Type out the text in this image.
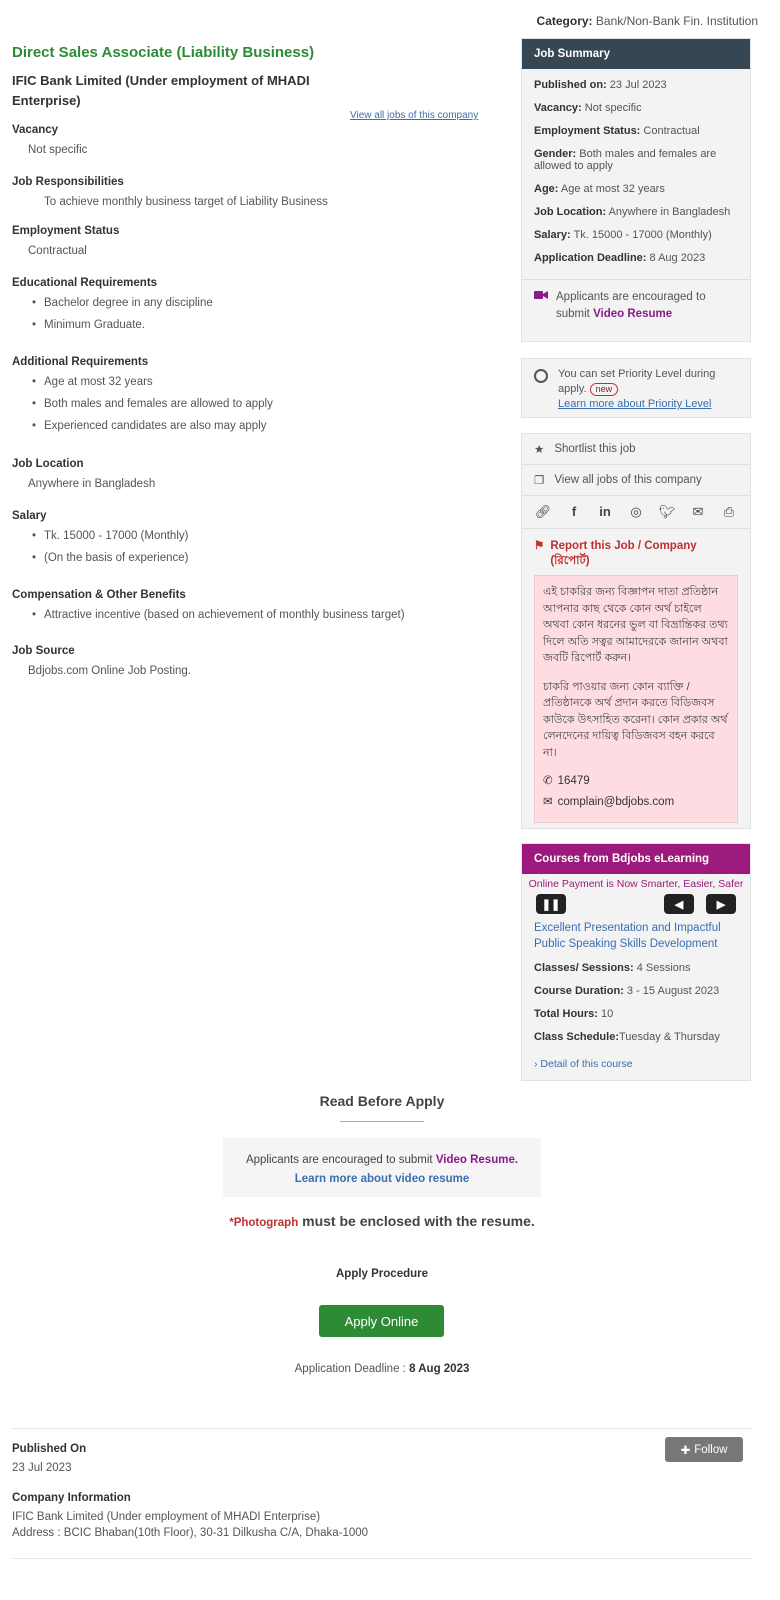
Category: Bank/Non-Bank Fin. Institution
Direct Sales Associate (Liability Business)
IFIC Bank Limited (Under employment of MHADI Enterprise)
View all jobs of this company
Vacancy
Not specific
Job Responsibilities
To achieve monthly business target of Liability Business
Employment Status
Contractual
Educational Requirements
• Bachelor degree in any discipline
• Minimum Graduate.
Additional Requirements
• Age at most 32 years
• Both males and females are allowed to apply
• Experienced candidates are also may apply
Job Location
Anywhere in Bangladesh
Salary
• Tk. 15000 - 17000 (Monthly)
• (On the basis of experience)
Compensation & Other Benefits
• Attractive incentive (based on achievement of monthly business target)
Job Source
Bdjobs.com Online Job Posting.
Job Summary
Published on: 23 Jul 2023
Vacancy: Not specific
Employment Status: Contractual
Gender: Both males and females are allowed to apply
Age: Age at most 32 years
Job Location: Anywhere in Bangladesh
Salary: Tk. 15000 - 17000 (Monthly)
Application Deadline: 8 Aug 2023
Applicants are encouraged to submit Video Resume
You can set Priority Level during apply. new
Learn more about Priority Level
★ Shortlist this job
❐ View all jobs of this company
🔗︎	f	in ◎ 🐦︎ ✉ ⎙
⚑ Report this Job / Company (রিপোর্ট)

এই চাকরির জন্য বিজ্ঞাপন দাতা প্রতিষ্ঠান আপনার কাছ থেকে কোন অর্থ চাইলে অথবা কোন ধরনের ভুল বা বিভ্রান্তিকর তথ্য দিলে অতি সত্বর আমাদেরকে জানান অথবা জবটি রিপোর্ট করুন।

চাকরি পাওয়ার জন্য কোন ব্যাক্তি / প্রতিষ্ঠানকে অর্থ প্রদান করতে বিডিজবস কাউকে উৎসাহিত করেনা। কোন প্রকার অর্থ লেনদেনের দায়িত্ব বিডিজবস বহন করবে না।

✆ 16479
✉ complain@bdjobs.com
Courses from Bdjobs eLearning
Online Payment is Now Smarter, Easier, Safer
❚❚	◀	▶
Excellent Presentation and Impactful Public Speaking Skills Development
Classes/ Sessions: 4 Sessions
Course Duration: 3 - 15 August 2023
Total Hours: 10
Class Schedule:Tuesday & Thursday
› Detail of this course
Read Before Apply
Applicants are encouraged to submit Video Resume.
Learn more about video resume
*Photograph must be enclosed with the resume.
Apply Procedure
Apply Online
Application Deadline : 8 Aug 2023
Published On
23 Jul 2023
✚ Follow
Company Information
IFIC Bank Limited (Under employment of MHADI Enterprise)
Address : BCIC Bhaban(10th Floor), 30-31 Dilkusha C/A, Dhaka-1000
